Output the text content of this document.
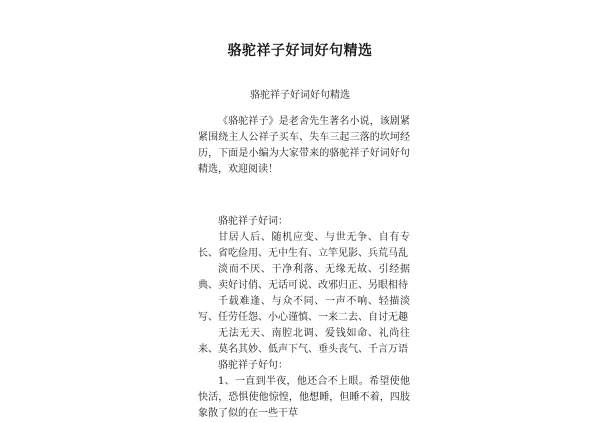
骆驼祥子好词好句精选
骆驼祥子好词好句精选

《骆驼祥子》是老舍先生著名小说，该剧紧紧围绕主人公祥子买车、失车三起三落的坎坷经历，下面是小编为大家带来的骆驼祥子好词好句精选，欢迎阅读！

骆驼祥子好词：

甘居人后、随机应变、与世无争、自有专长、省吃俭用、无中生有、立竿见影、兵荒马乱

淡而不厌、干净利落、无缘无故、引经据典、卖好讨俏、无话可说、改邪归正、另眼相待

千载难逢、与众不同、一声不响、轻描淡写、任劳任怨、小心谨慎、一来二去、自讨无趣

无法无天、南腔北调、爱钱如命、礼尚往来、莫名其妙、低声下气、垂头丧气、千言万语

骆驼祥子好句：

1、一直到半夜，他还合不上眼。希望使他快活，恐惧使他惊惶，他想睡，但睡不着，四肢象散了似的在一些干草
